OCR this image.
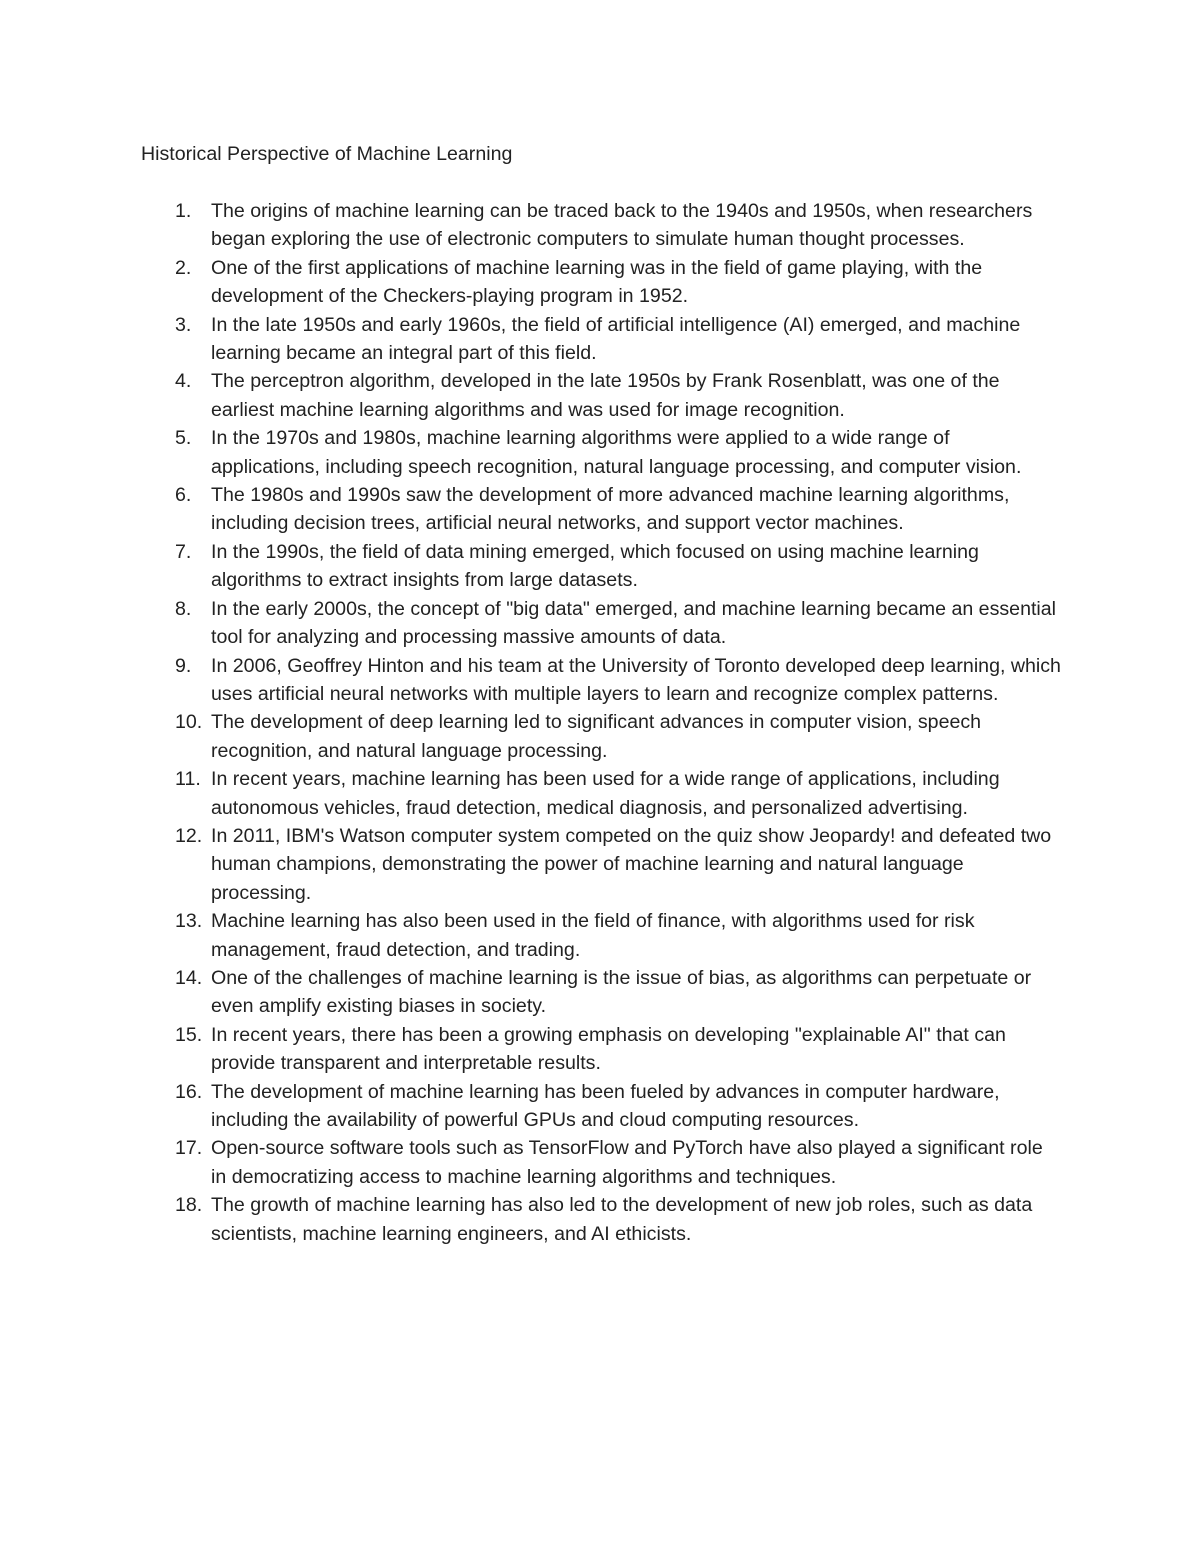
Historical Perspective of Machine Learning
1.	The origins of machine learning can be traced back to the 1940s and 1950s, when researchers began exploring the use of electronic computers to simulate human thought processes.
2.	One of the first applications of machine learning was in the field of game playing, with the development of the Checkers-playing program in 1952.
3.	In the late 1950s and early 1960s, the field of artificial intelligence (AI) emerged, and machine learning became an integral part of this field.
4.	The perceptron algorithm, developed in the late 1950s by Frank Rosenblatt, was one of the earliest machine learning algorithms and was used for image recognition.
5.	In the 1970s and 1980s, machine learning algorithms were applied to a wide range of applications, including speech recognition, natural language processing, and computer vision.
6.	The 1980s and 1990s saw the development of more advanced machine learning algorithms, including decision trees, artificial neural networks, and support vector machines.
7.	In the 1990s, the field of data mining emerged, which focused on using machine learning algorithms to extract insights from large datasets.
8.	In the early 2000s, the concept of "big data" emerged, and machine learning became an essential tool for analyzing and processing massive amounts of data.
9.	In 2006, Geoffrey Hinton and his team at the University of Toronto developed deep learning, which uses artificial neural networks with multiple layers to learn and recognize complex patterns.
10. The development of deep learning led to significant advances in computer vision, speech recognition, and natural language processing.
11. In recent years, machine learning has been used for a wide range of applications, including autonomous vehicles, fraud detection, medical diagnosis, and personalized advertising.
12. In 2011, IBM's Watson computer system competed on the quiz show Jeopardy! and defeated two human champions, demonstrating the power of machine learning and natural language processing.
13. Machine learning has also been used in the field of finance, with algorithms used for risk management, fraud detection, and trading.
14. One of the challenges of machine learning is the issue of bias, as algorithms can perpetuate or even amplify existing biases in society.
15. In recent years, there has been a growing emphasis on developing "explainable AI" that can provide transparent and interpretable results.
16. The development of machine learning has been fueled by advances in computer hardware, including the availability of powerful GPUs and cloud computing resources.
17. Open-source software tools such as TensorFlow and PyTorch have also played a significant role in democratizing access to machine learning algorithms and techniques.
18. The growth of machine learning has also led to the development of new job roles, such as data scientists, machine learning engineers, and AI ethicists.
